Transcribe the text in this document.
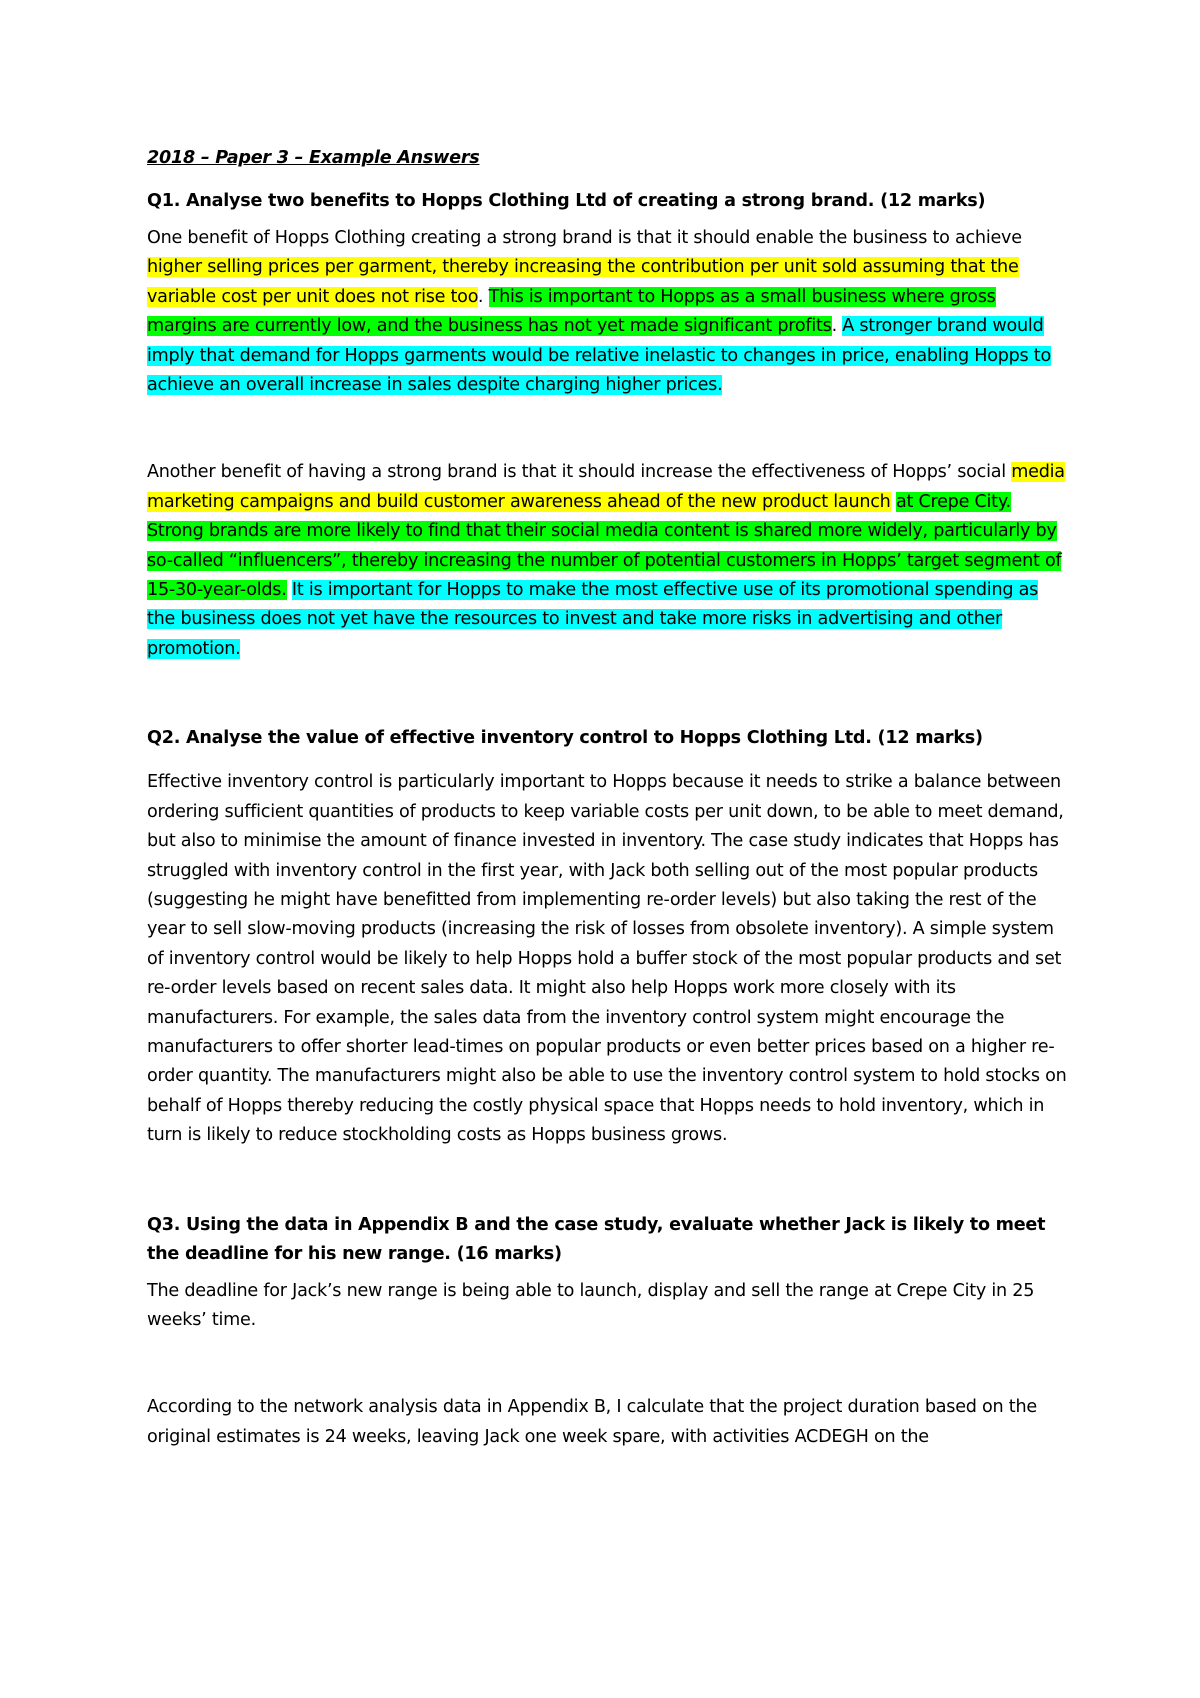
2018 – Paper 3 – Example Answers
Q1. Analyse two benefits to Hopps Clothing Ltd of creating a strong brand. (12 marks)

One benefit of Hopps Clothing creating a strong brand is that it should enable the business to achieve higher selling prices per garment, thereby increasing the contribution per unit sold assuming that the variable cost per unit does not rise too. This is important to Hopps as a small business where gross margins are currently low, and the business has not yet made significant profits. A stronger brand would imply that demand for Hopps garments would be relative inelastic to changes in price, enabling Hopps to achieve an overall increase in sales despite charging higher prices.

Another benefit of having a strong brand is that it should increase the effectiveness of Hopps’ social media marketing campaigns and build customer awareness ahead of the new product launch at Crepe City. Strong brands are more likely to find that their social media content is shared more widely, particularly by so-called “influencers”, thereby increasing the number of potential customers in Hopps’ target segment of 15-30-year-olds. It is important for Hopps to make the most effective use of its promotional spending as the business does not yet have the resources to invest and take more risks in advertising and other promotion.

Q2. Analyse the value of effective inventory control to Hopps Clothing Ltd. (12 marks)

Effective inventory control is particularly important to Hopps because it needs to strike a balance between ordering sufficient quantities of products to keep variable costs per unit down, to be able to meet demand, but also to minimise the amount of finance invested in inventory. The case study indicates that Hopps has struggled with inventory control in the first year, with Jack both selling out of the most popular products (suggesting he might have benefitted from implementing re-order levels) but also taking the rest of the year to sell slow-moving products (increasing the risk of losses from obsolete inventory). A simple system of inventory control would be likely to help Hopps hold a buffer stock of the most popular products and set re-order levels based on recent sales data. It might also help Hopps work more closely with its manufacturers. For example, the sales data from the inventory control system might encourage the manufacturers to offer shorter lead-times on popular products or even better prices based on a higher re-order quantity. The manufacturers might also be able to use the inventory control system to hold stocks on behalf of Hopps thereby reducing the costly physical space that Hopps needs to hold inventory, which in turn is likely to reduce stockholding costs as Hopps business grows.

Q3. Using the data in Appendix B and the case study, evaluate whether Jack is likely to meet the deadline for his new range. (16 marks)

The deadline for Jack’s new range is being able to launch, display and sell the range at Crepe City in 25 weeks’ time.

According to the network analysis data in Appendix B, I calculate that the project duration based on the original estimates is 24 weeks, leaving Jack one week spare, with activities ACDEGH on the
